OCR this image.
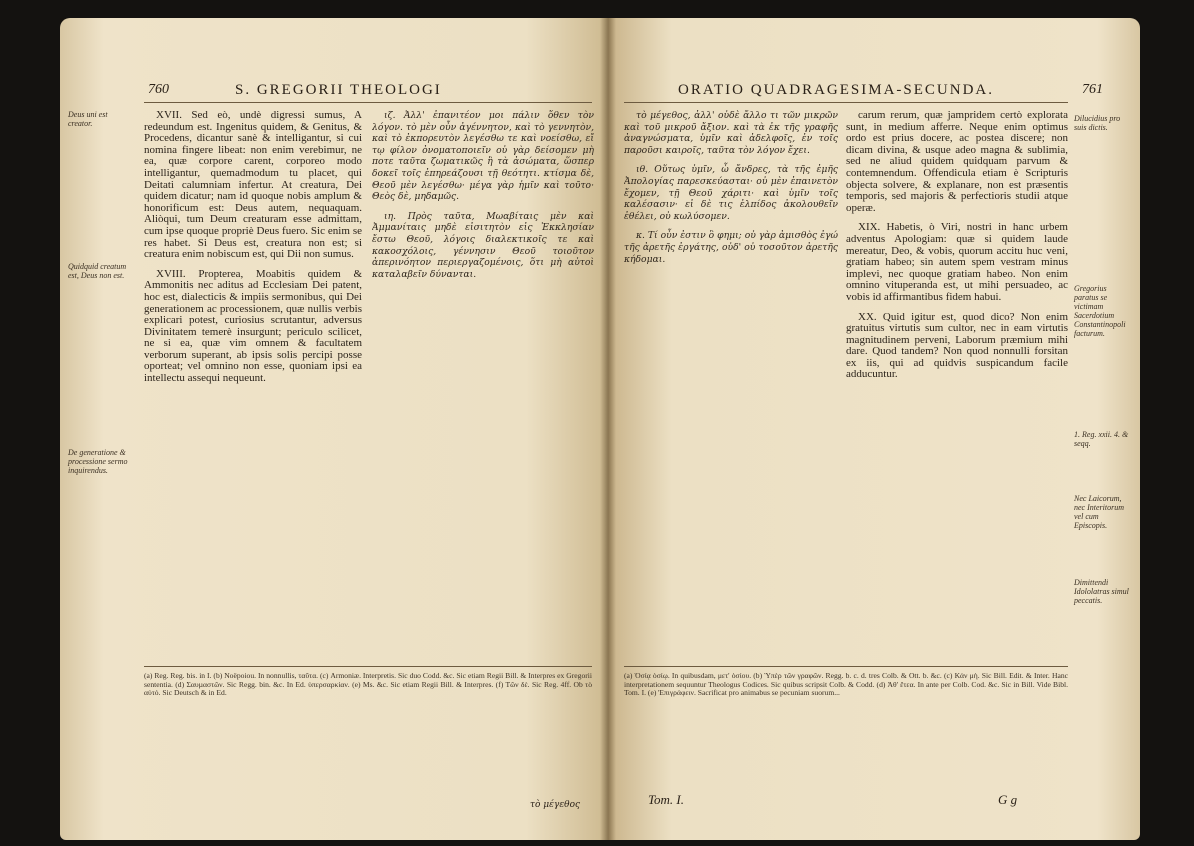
760	S. GREGORII THEOLOGI
Deus uni est creator.
Quidquid creatum est, Deus non est.
De generatione & processione sermo inquirendus.

XVII. Sed eò, undè digressi sumus, A redeundum est. Ingenitus quidem, & Genitus, & Procedens, dicantur sanè & intelligantur, si cui nomina fingere libeat: non enim verebimur, ne ea, quæ corpore carent, corporeo modo intelligantur, quemadmodum tu placet, qui Deitati calumniam infertur. At creatura, Dei quidem dicatur; nam id quoque nobis amplum & honorificum est: Deus autem, nequaquam. Aliòqui, tum Deum creaturam esse admittam, cum ipse quoque propriè Deus fuero. Sic enim se res habet. Si Deus est, creatura non est; si creatura enim nobiscum est, qui Dii non sumus.

XVIII. Propterea, Moabitis quidem & Ammonitis nec aditus ad Ecclesiam Dei patent, hoc est, dialecticis & impiis sermonibus, qui Dei generationem ac processionem, quæ nullis verbis explicari potest, curiosius scrutantur, adversus Divinitatem temerè insurgunt; periculo scilicet, ne si ea, quæ vim omnem & facultatem verborum superant, ab ipsis solis percipi posse oporteat; vel omnino non esse, quoniam ipsi ea intellectu assequi nequeunt.

ιζ. Ἀλλ' ἐπανιτέον μοι πάλιν ὅθεν τὸν λόγον. τὸ μὲν οὖν ἀγέννητον, καὶ τὸ γεννητὸν, καὶ τὸ ἐκπορευτὸν λεγέσθω τε καὶ νοείσθω, εἴ τῳ φίλον ὀνοματοποιεῖν οὐ γὰρ δείσομεν μὴ ποτε ταῦτα ζωματικῶς ἢ τὰ ἀσώματα, ὥσπερ δοκεῖ τοῖς ἐπηρεάζουσι τῇ θεότητι. κτίσμα δὲ, Θεοῦ μὲν λεγέσθω· μέγα γὰρ ἡμῖν καὶ τοῦτο· Θεὸς δὲ, μηδαμῶς.

ιη. Πρὸς ταῦτα, Μωαβίταις μὲν καὶ Ἀμμανίταις μηδὲ εἰσιτητὸν εἰς Ἐκκλησίαν ἔστω Θεοῦ, λόγοις διαλεκτικοῖς τε καὶ κακοσχόλοις, γέννησιν Θεοῦ τοιοῦτον ἀπερινόητον περιεργαζομένοις, ὅτι μὴ αὐτοὶ καταλαβεῖν δύνανται.

(a) Reg. Reg. bis. in I. (b) Noëpoiou. In nonnullis, ταῦτα. (c) Armoniæ. Interpretis. Sic duo Codd. &c. Sic etiam Regii Bill. & Interpres ex Gregorii sententia. (d) Σαυµαστῶν. Sic Regg. bin. &c. In Ed. ὑπερσαρκίαν. (e) Ms. &c. Sic etiam Regii Bill. & Interpres. (f) Tῶν δὲ. Sic Reg. 4ff. Ob τὸ αὐτό. Sic Deutsch & in Ed.
τὸ μέγεθος
ORATIO QUADRAGESIMA-SECUNDA.	761

τὸ μέγεθος, ἀλλ' οὐδὲ ἄλλο τι τῶν μικρῶν καὶ τοῦ μικροῦ ἄξιον. καὶ τὰ ἐκ τῆς γραφῆς ἀναγνώσματα, ὑμῖν καὶ ἀδελφοῖς, ἐν τοῖς παροῦσι καιροῖς, ταῦτα τὸν λόγον ἔχει.

ιθ. Οὕτως ὑμῖν, ὦ ἄνδρες, τὰ τῆς ἐμῆς Ἀπολογίας παρεσκεύασται· οὐ μὲν ἐπαινετὸν ἔχομεν, τῇ Θεοῦ χάριτι· καὶ ὑμῖν τοῖς καλέσασιν· εἰ δὲ τις ἐλπίδος ἀκολουθεῖν ἐθέλει, οὐ κωλύσομεν.

κ. Τί οὖν ἐστιν ὃ φημι; οὐ γὰρ ἀμισθὸς ἐγώ τῆς ἀρετῆς ἐργάτης, οὐδ' οὐ τοσοῦτον ἀρετῆς κήδομαι.

carum rerum, quæ jampridem certò explorata sunt, in medium afferre. Neque enim optimus ordo est prius docere, ac postea discere; non dicam divina, & usque adeo magna & sublimia, sed ne aliud quidem quidquam parvum & contemnendum. Offendicula etiam è Scripturis objecta solvere, & explanare, non est præsentis temporis, sed majoris & perfectioris studii atque operæ.

XIX. Habetis, ò Viri, nostri in hanc urbem adventus Apologiam: quæ si quidem laude mereatur, Deo, & vobis, quorum accitu huc veni, gratiam habeo; sin autem spem vestram minus implevi, nec quoque gratiam habeo. Non enim omnino vituperanda est, ut mihi persuadeo, ac vobis id affirmantibus fidem habui.

XX. Quid igitur est, quod dico? Non enim gratuitus virtutis sum cultor, nec in eam virtutis magnitudinem perveni, Laborum præmium mihi dare. Quod tandem? Non quod nonnulli forsitan ex iis, qui ad quidvis suspicandum facile adducuntur.

Dilucidius pro suis dictis.
Gregorius paratus se victimam Sacerdotium Constantinopoli facturum.
1. Reg. xxii. 4. & seqq.
Nec Laicorum, nec Interitorum vel cum Episcopis.
Dimittendi Idololatras simul peccatis.
(a) Ὁσίᾳ ὁσίῳ. In quibusdam, μετ' ὁσίου. (b) Ὑπὲρ τῶν γραφῶν. Regg. b. c. d. tres Colb. & Ott. b. &c. (c) Κἀν μὴ. Sic Bill. Edit. & Inter. Hanc interpretationem sequuntur Theologus Codices. Sic quibus scripsit Colb. & Codd. (d) Ἀθ' ἔτεα. In ante per Colb. Cod. &c. Sic in Bill. Vide Bibl. Tom. I. (e) Ἐπιγράφειν. Sacrificat pro animabus se pecuniam suorum...
Tom. I.	G g
